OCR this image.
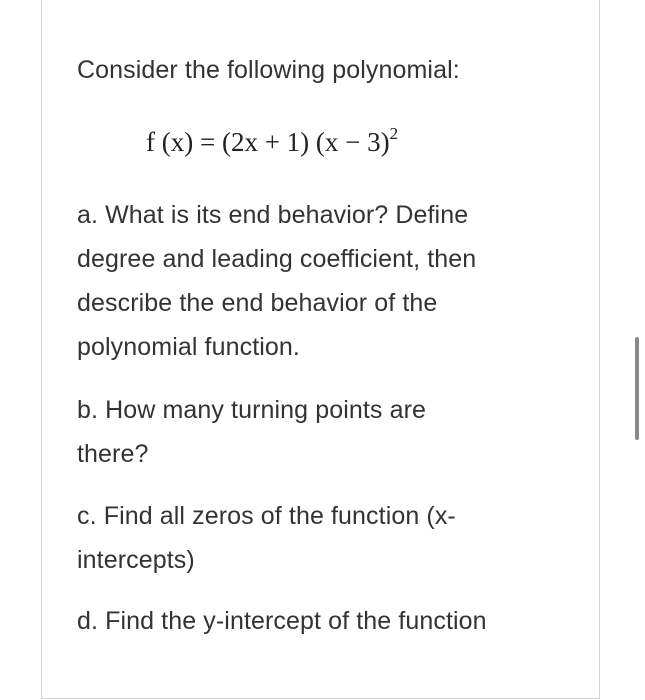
Consider the following polynomial:
f (x) = (2x + 1) $(x - 3)^2$
a. What is its end behavior? Define
degree and leading coefficient, then
describe the end behavior of the
polynomial function.
b. How many turning points are
there?
c. Find all zeros of the function (x-
intercepts)
d. Find the y-intercept of the function
